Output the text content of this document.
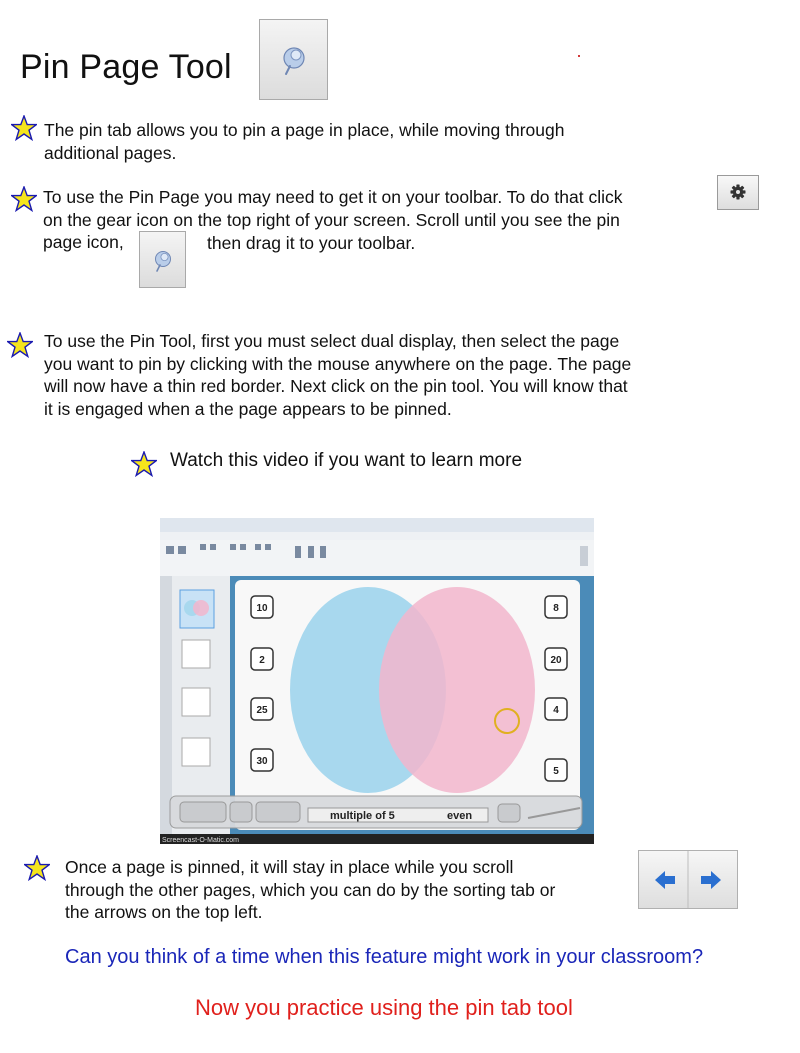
Pin Page Tool

The pin tab allows you to pin a page in place, while moving through
additional pages.

To use the Pin Page you may need to get it on your toolbar. To do that click
on the gear icon on the top right of your screen. Scroll until you see the pin
page icon,	then drag it to your toolbar.

To use the Pin Tool, first you must select dual display, then select the page
you want to pin by clicking with the mouse anywhere on the page. The page
will now have a thin red border. Next click on the pin tool. You will know that
it is engaged when a the page appears to be pinned.

Watch this video if you want to learn more

10
2
25
30
8
20
4
5
multiple of 5	even
Screencast-O-Matic.com

Once a page is pinned, it will stay in place while you scroll
through the other pages, which you can do by the sorting tab or
the arrows on the top left.

Can you think of a time when this feature might work in your classroom?

Now you practice using the pin tab tool
